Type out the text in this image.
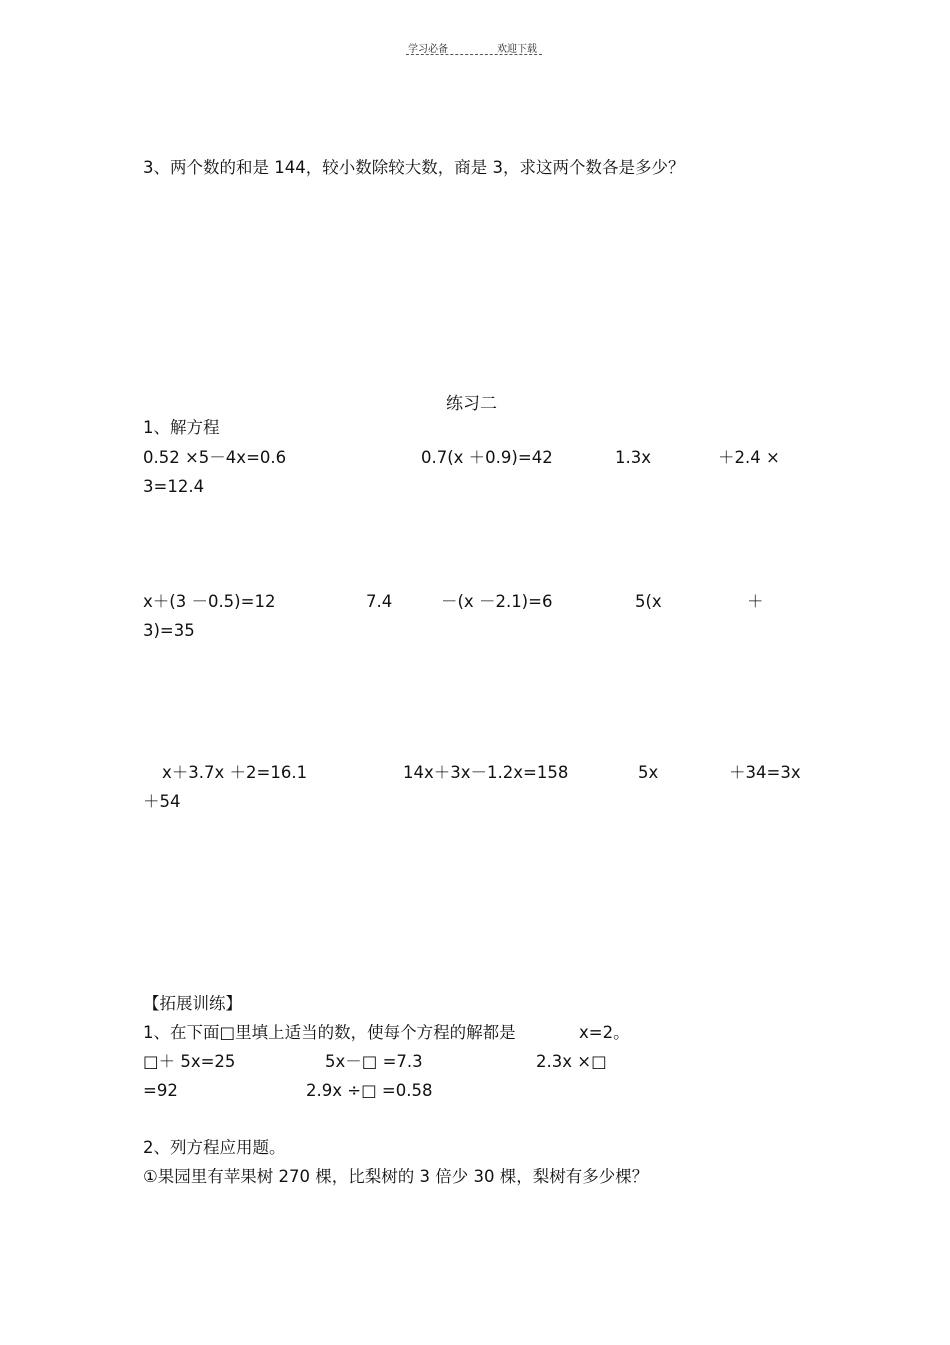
学习必备	欢迎下载
3、两个数的和是 144，较小数除较大数，商是 3，求这两个数各是多少？
练习二
1、解方程
0.52 ×5－4x=0.6	0.7(x ＋0.9)=42	1.3x	＋2.4 ×
3=12.4
x＋(3 －0.5)=12	7.4	－(x －2.1)=6	5(x	＋
3)=35
x＋3.7x ＋2=16.1	14x＋3x－1.2x=158	5x	＋34=3x
＋54
【拓展训练】
1、在下面□里填上适当的数，使每个方程的解都是	x=2。
□＋ 5x=25	5x－□ =7.3	2.3x ×□
=92	2.9x ÷□ =0.58
2、列方程应用题。
①果园里有苹果树 270 棵，比梨树的 3 倍少 30 棵，梨树有多少棵？
